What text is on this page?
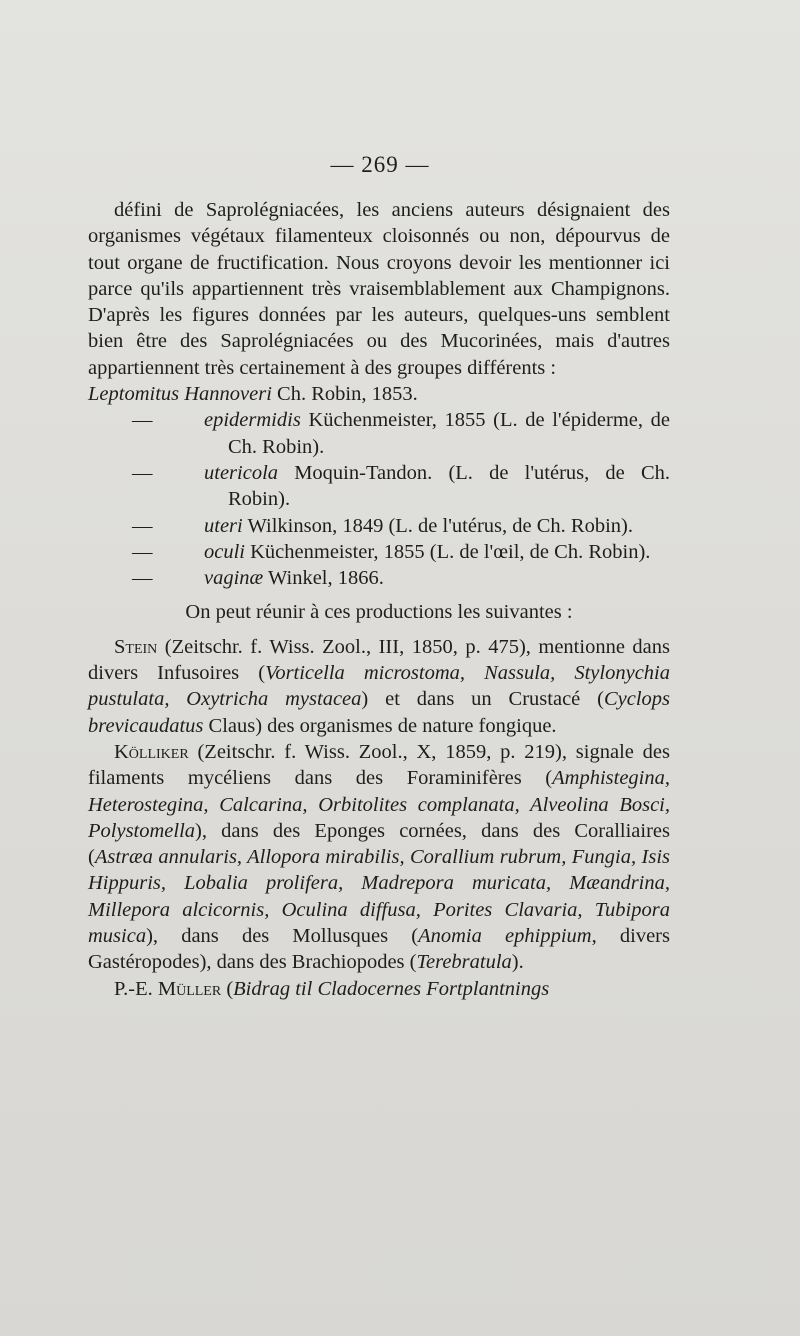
— 269 —

défini de Saprolégniacées, les anciens auteurs désignaient des organismes végétaux filamenteux cloisonnés ou non, dépourvus de tout organe de fructification. Nous croyons devoir les mentionner ici parce qu'ils appartiennent très vraisemblablement aux Champignons. D'après les figures données par les auteurs, quelques-uns semblent bien être des Saprolégniacées ou des Mucorinées, mais d'autres appartiennent très certainement à des groupes différents :

Leptomitus Hannoveri Ch. Robin, 1853.
—	epidermidis Küchenmeister, 1855 (L. de l'épiderme, de Ch. Robin).
—	utericola Moquin-Tandon. (L. de l'utérus, de Ch. Robin).
—	uteri Wilkinson, 1849 (L. de l'utérus, de Ch. Robin).
—	oculi Küchenmeister, 1855 (L. de l'œil, de Ch. Robin).
—	vaginæ Winkel, 1866.

On peut réunir à ces productions les suivantes :

Stein (Zeitschr. f. Wiss. Zool., III, 1850, p. 475), mentionne dans divers Infusoires (Vorticella microstoma, Nassula, Stylonychia pustulata, Oxytricha mystacea) et dans un Crustacé (Cyclops brevicaudatus Claus) des organismes de nature fongique.

Kölliker (Zeitschr. f. Wiss. Zool., X, 1859, p. 219), signale des filaments mycéliens dans des Foraminifères (Amphistegina, Heterostegina, Calcarina, Orbitolites complanata, Alveolina Bosci, Polystomella), dans des Eponges cornées, dans des Coralliaires (Astræa annularis, Allopora mirabilis, Corallium rubrum, Fungia, Isis Hippuris, Lobalia prolifera, Madrepora muricata, Mæandrina, Millepora alcicornis, Oculina diffusa, Porites Clavaria, Tubipora musica), dans des Mollusques (Anomia ephippium, divers Gastéropodes), dans des Brachiopodes (Terebratula).

P.-E. Müller (Bidrag til Cladocernes Fortplantnings
